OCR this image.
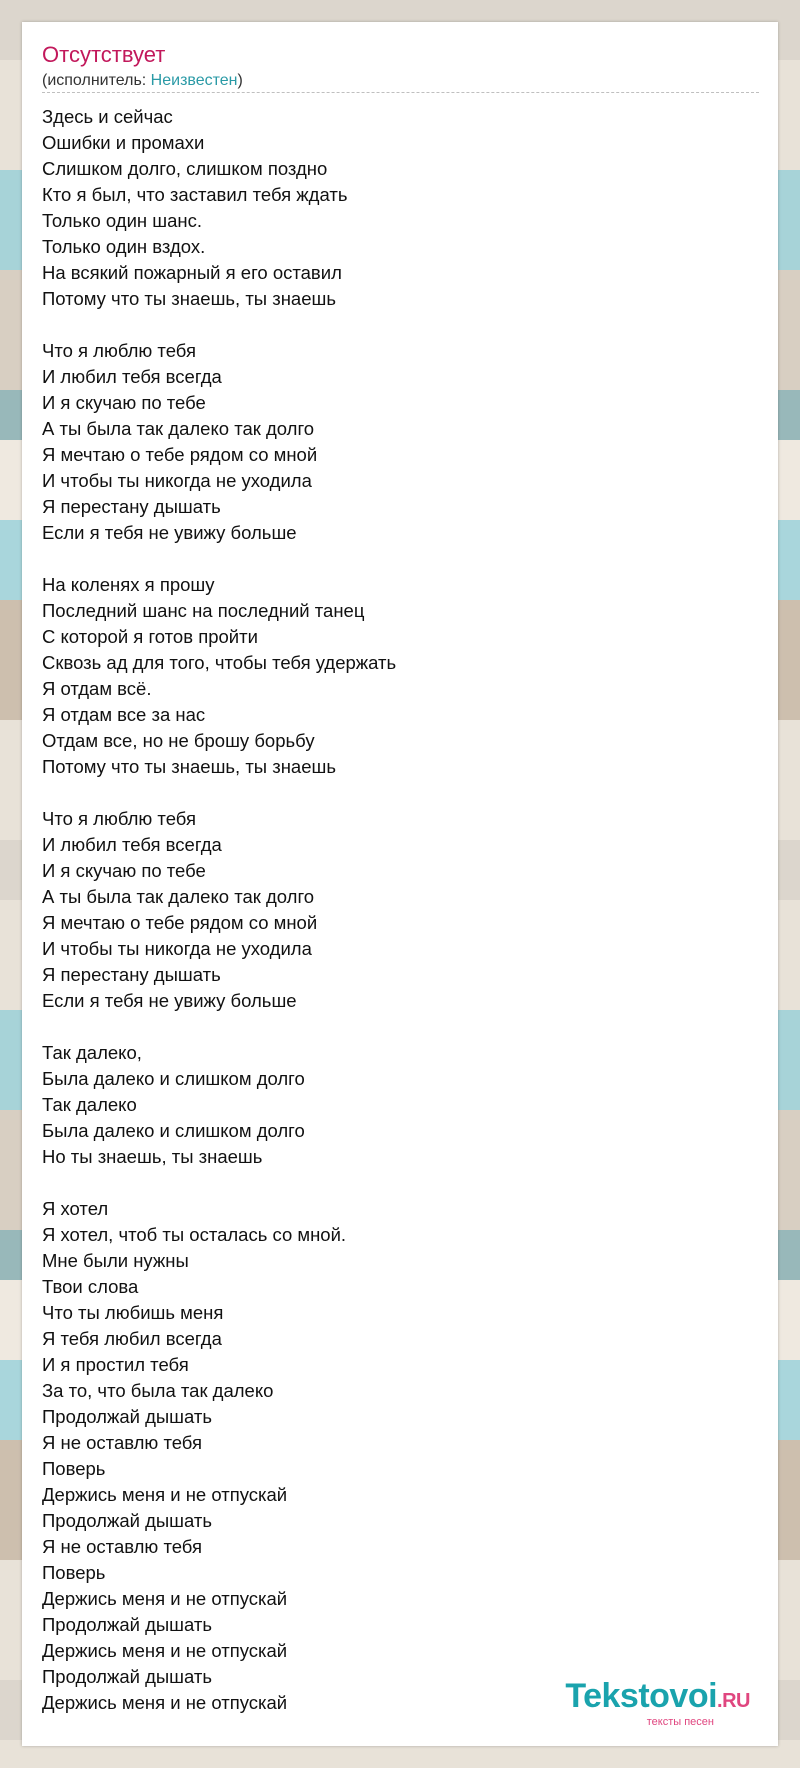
Отсутствует
(исполнитель: Неизвестен)
Здесь и сейчас
Ошибки и промахи
Слишком долго, слишком поздно
Кто я был, что заставил тебя ждать
Только один шанс.
Только один вздох.
На всякий пожарный я его оставил
Потому что ты знаешь, ты знаешь
Что я люблю тебя
И любил тебя всегда
И я скучаю по тебе
А ты была так далеко так долго
Я мечтаю о тебе рядом со мной
И чтобы ты никогда не уходила
Я перестану дышать
Если я тебя не увижу больше
На коленях я прошу
Последний шанс на последний танец
С которой я готов пройти
Сквозь ад для того, чтобы тебя удержать
Я отдам всё.
Я отдам все за нас
Отдам все, но не брошу борьбу
Потому что ты знаешь, ты знаешь
Что я люблю тебя
И любил тебя всегда
И я скучаю по тебе
А ты была так далеко так долго
Я мечтаю о тебе рядом со мной
И чтобы ты никогда не уходила
Я перестану дышать
Если я тебя не увижу больше
Так далеко,
Была далеко и слишком долго
Так далеко
Была далеко и слишком долго
Но ты знаешь, ты знаешь
Я хотел
Я хотел, чтоб ты осталась со мной.
Мне были нужны
Твои слова
Что ты любишь меня
Я тебя любил всегда
И я простил тебя
За то, что была так далеко
Продолжай дышать
Я не оставлю тебя
Поверь
Держись меня и не отпускай
Продолжай дышать
Я не оставлю тебя
Поверь
Держись меня и не отпускай
Продолжай дышать
Держись меня и не отпускай
Продолжай дышать
Держись меня и не отпускай	Tekstovoi.RU
тексты песен
